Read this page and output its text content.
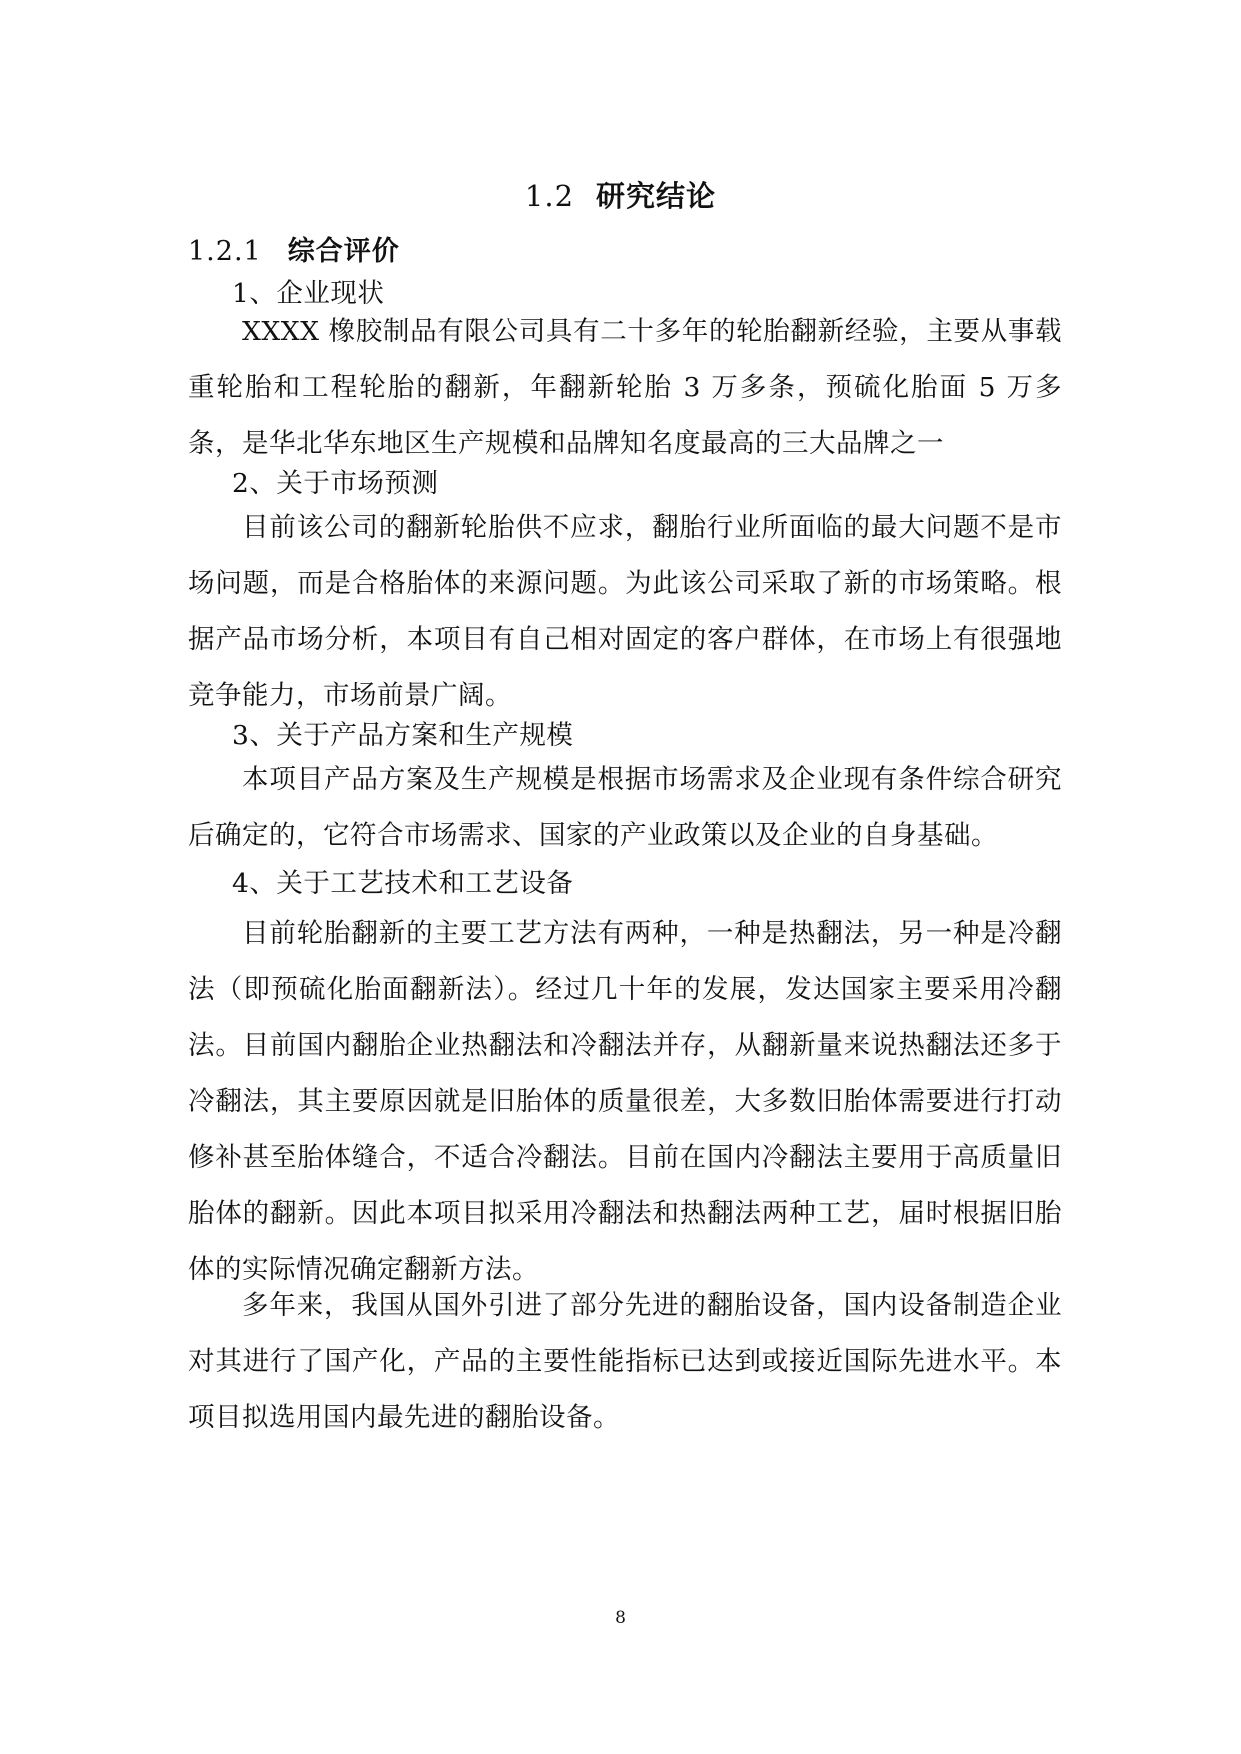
1.2 研究结论
1.2.1 综合评价

1、企业现状

XXXX 橡胶制品有限公司具有二十多年的轮胎翻新经验，主要从事载重轮胎和工程轮胎的翻新，年翻新轮胎 3 万多条，预硫化胎面 5 万多条，是华北华东地区生产规模和品牌知名度最高的三大品牌之一

2、关于市场预测

目前该公司的翻新轮胎供不应求，翻胎行业所面临的最大问题不是市场问题，而是合格胎体的来源问题。为此该公司采取了新的市场策略。根据产品市场分析，本项目有自己相对固定的客户群体，在市场上有很强地竞争能力，市场前景广阔。

3、关于产品方案和生产规模

本项目产品方案及生产规模是根据市场需求及企业现有条件综合研究后确定的，它符合市场需求、国家的产业政策以及企业的自身基础。

4、关于工艺技术和工艺设备

目前轮胎翻新的主要工艺方法有两种，一种是热翻法，另一种是冷翻法（即预硫化胎面翻新法）。经过几十年的发展，发达国家主要采用冷翻法。目前国内翻胎企业热翻法和冷翻法并存，从翻新量来说热翻法还多于冷翻法，其主要原因就是旧胎体的质量很差，大多数旧胎体需要进行打动修补甚至胎体缝合，不适合冷翻法。目前在国内冷翻法主要用于高质量旧胎体的翻新。因此本项目拟采用冷翻法和热翻法两种工艺，届时根据旧胎体的实际情况确定翻新方法。

多年来，我国从国外引进了部分先进的翻胎设备，国内设备制造企业对其进行了国产化，产品的主要性能指标已达到或接近国际先进水平。本项目拟选用国内最先进的翻胎设备。

8
